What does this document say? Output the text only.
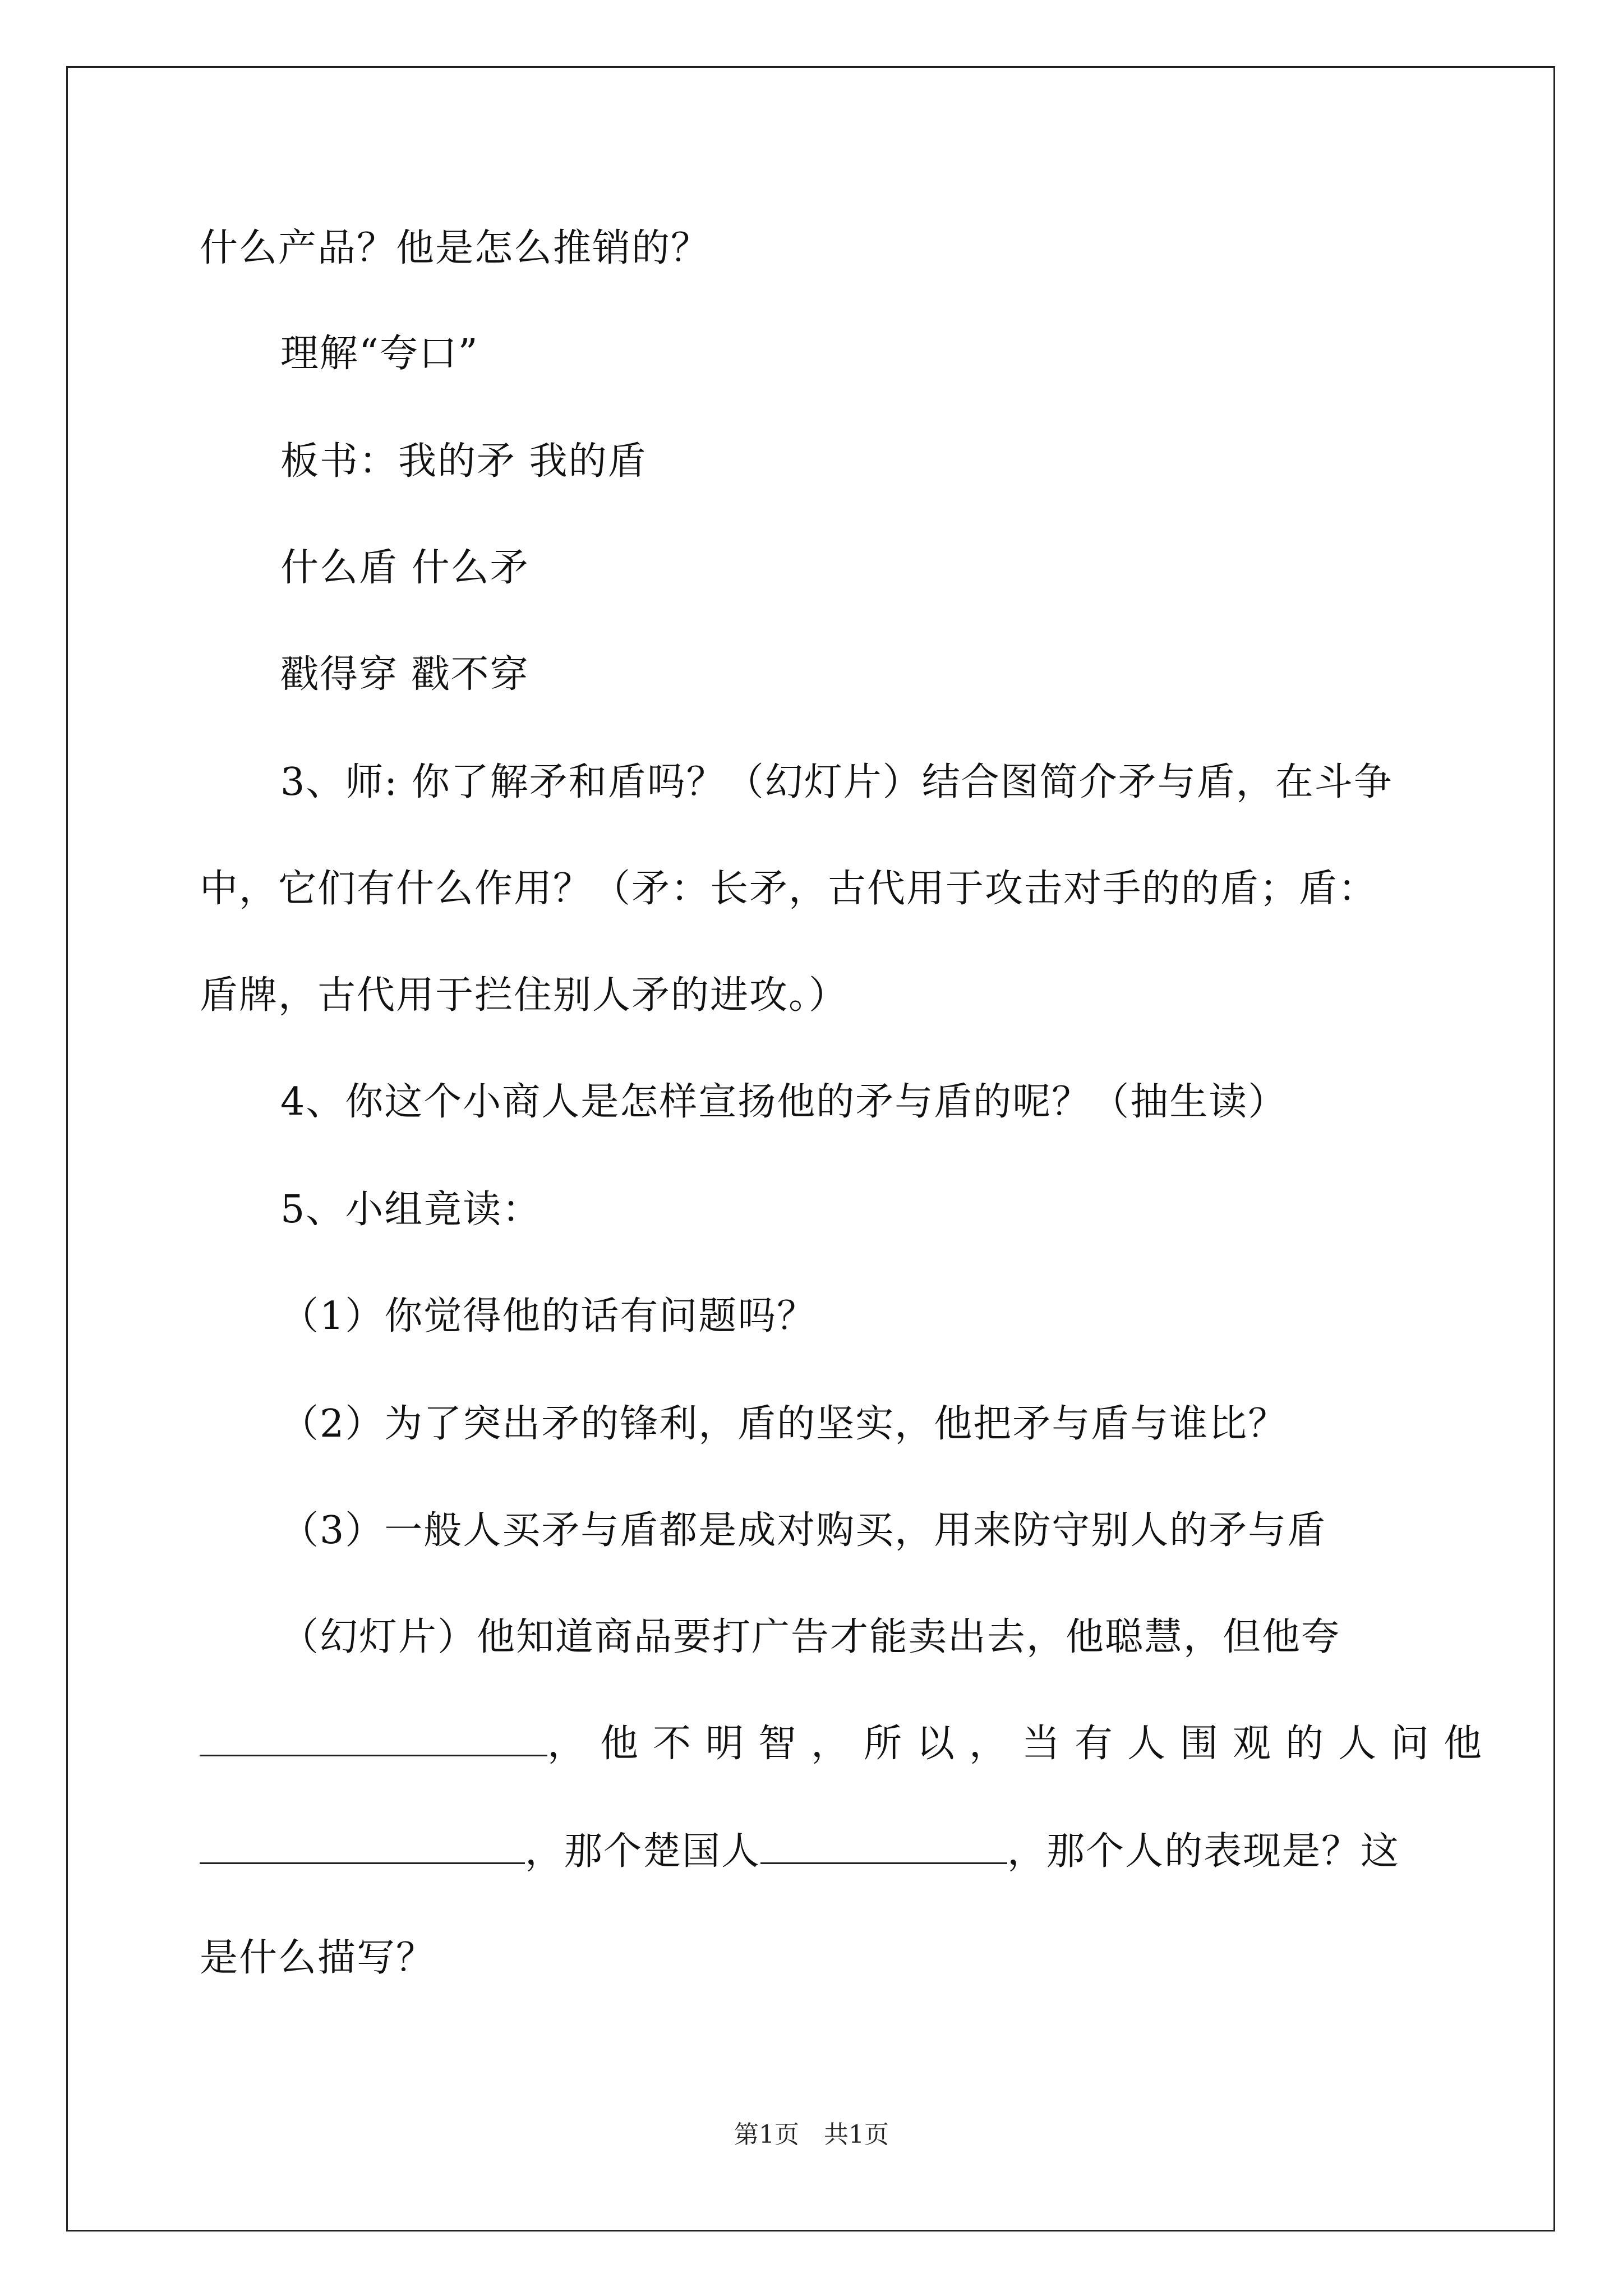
什么产品？他是怎么推销的？
理解“夸口”
板书：我的矛 我的盾
什么盾 什么矛
戳得穿 戳不穿
3、师: 你了解矛和盾吗？（幻灯片）结合图简介矛与盾，在斗争
中，它们有什么作用？（矛：长矛，古代用于攻击对手的的盾；盾：
盾牌，古代用于拦住别人矛的进攻。）
4、你这个小商人是怎样宣扬他的矛与盾的呢？（抽生读）
5、小组竟读：
（1）你觉得他的话有问题吗？
（2）为了突出矛的锋利，盾的坚实，他把矛与盾与谁比？
（3）一般人买矛与盾都是成对购买，用来防守别人的矛与盾
（幻灯片）他知道商品要打广告才能卖出去，他聪慧，但他夸
，他不明智，所以，当有人围观的人问他
，那个楚国人	，那个人的表现是？这
是什么描写？
第1页　共1页
